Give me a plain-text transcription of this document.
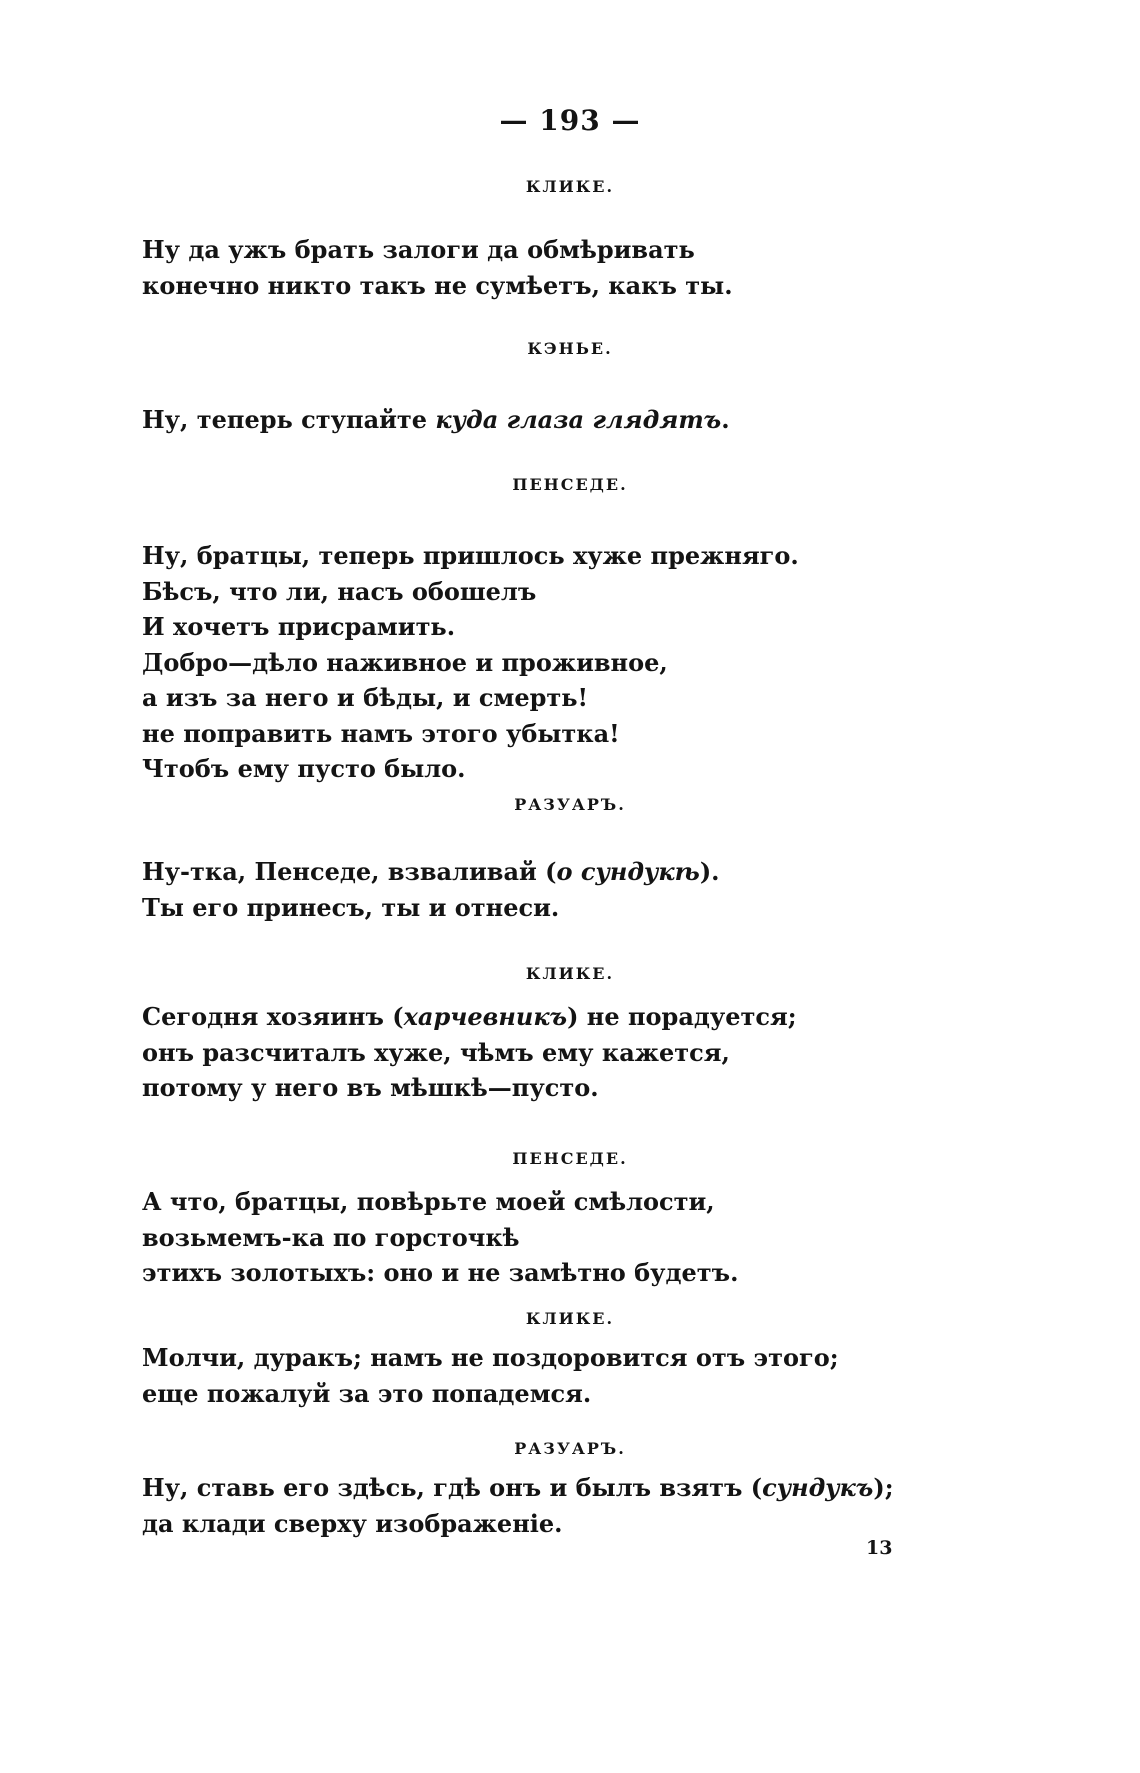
— 193 —
КЛИКЕ.
Ну да ужъ брать залоги да обмѣривать
конечно никто такъ не сумѣетъ, какъ ты.
КЭНЬЕ.
Ну, теперь ступайте куда глаза глядятъ.
ПЕНСЕДЕ.
Ну, братцы, теперь пришлось хуже прежняго.
Бѣсъ, что ли, насъ обошелъ
И хочетъ присрамить.
Добро—дѣло наживное и проживное,
а изъ за него и бѣды, и смерть!
не поправить намъ этого убытка!
Чтобъ ему пусто было.
РАЗУАРЪ.
Ну-тка, Пенседе, взваливай (о сундукѣ).
Ты его принесъ, ты и отнеси.
КЛИКЕ.
Сегодня хозяинъ (харчевникъ) не порадуется;
онъ разсчиталъ хуже, чѣмъ ему кажется,
потому у него въ мѣшкѣ—пусто.
ПЕНСЕДЕ.
А что, братцы, повѣрьте моей смѣлости,
возьмемъ-ка по горсточкѣ
этихъ золотыхъ: оно и не замѣтно будетъ.
КЛИКЕ.
Молчи, дуракъ; намъ не поздоровится отъ этого;
еще пожалуй за это попадемся.
РАЗУАРЪ.
Ну, ставь его здѣсь, гдѣ онъ и былъ взятъ (сундукъ);
да клади сверху изображеніе.
13
